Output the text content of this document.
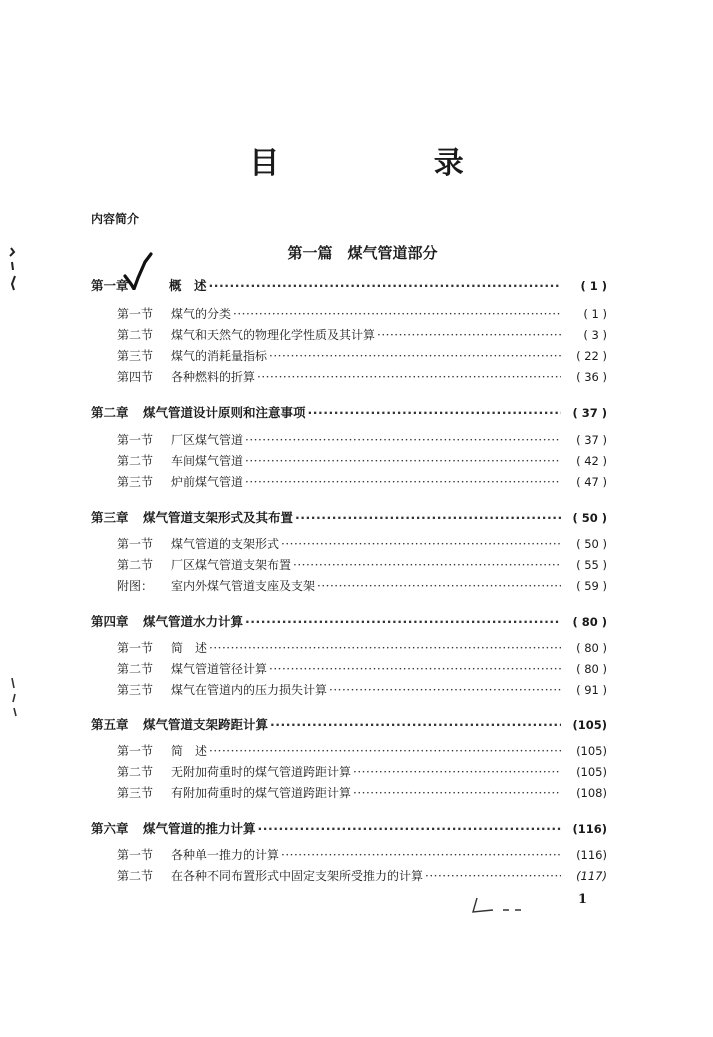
目 录
内容简介
第一篇　煤气管道部分
第一章	概　述 ·····	( 1 )
第一节	煤气的分类 ·····	( 1 )
第二节	煤气和天然气的物理化学性质及其计算 ·····	( 3 )
第三节	煤气的消耗量指标 ·····	( 22 )
第四节	各种燃料的折算 ·····	( 36 )
第二章	煤气管道设计原则和注意事项 ·····	( 37 )
第一节	厂区煤气管道 ·····	( 37 )
第二节	车间煤气管道 ·····	( 42 )
第三节	炉前煤气管道 ·····	( 47 )
第三章	煤气管道支架形式及其布置 ·····	( 50 )
第一节	煤气管道的支架形式 ·····	( 50 )
第二节	厂区煤气管道支架布置 ·····	( 55 )
附图：	室内外煤气管道支座及支架 ·····	( 59 )
第四章	煤气管道水力计算 ·····	( 80 )
第一节	简　述 ·····	( 80 )
第二节	煤气管道管径计算 ·····	( 80 )
第三节	煤气在管道内的压力损失计算 ·····	( 91 )
第五章	煤气管道支架跨距计算 ·····	(105)
第一节	简　述 ·····	(105)
第二节	无附加荷重时的煤气管道跨距计算 ·····	(105)
第三节	有附加荷重时的煤气管道跨距计算 ·····	(108)
第六章	煤气管道的推力计算 ·····	(116)
第一节	各种单一推力的计算 ·····	(116)
第二节	在各种不同布置形式中固定支架所受推力的计算 ·····	(117)
1
